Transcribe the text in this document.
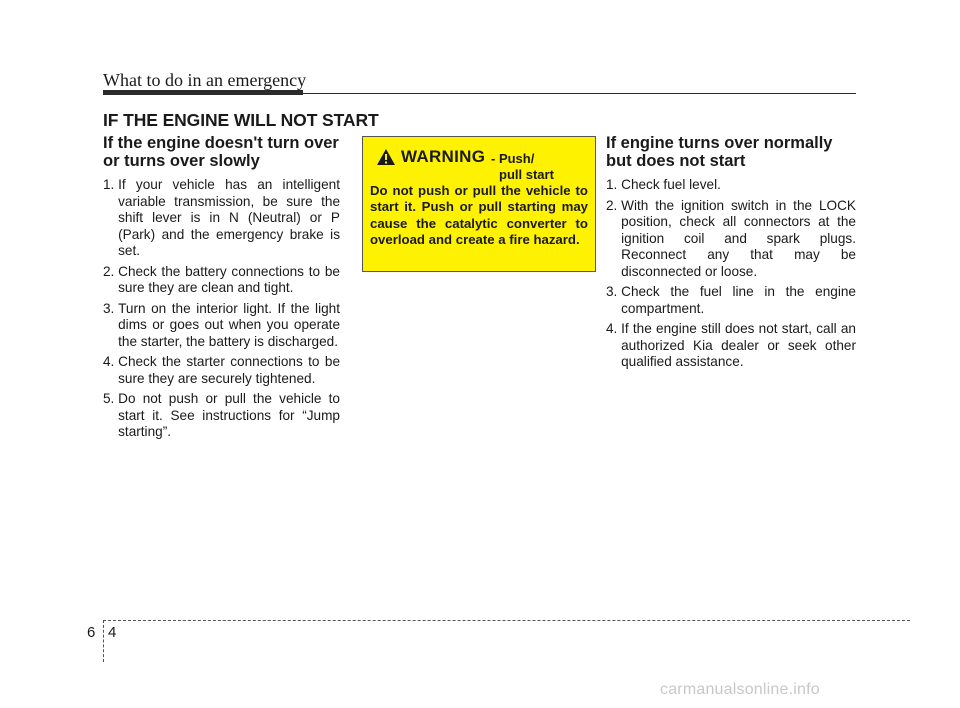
What to do in an emergency
IF THE ENGINE WILL NOT START
If the engine doesn't turn over or turns over slowly
1. If your vehicle has an intelligent variable transmission, be sure the shift lever is in N (Neutral) or P (Park) and the emergency brake is set.
2. Check the battery connections to be sure they are clean and tight.
3. Turn on the interior light. If the light dims or goes out when you operate the starter, the battery is discharged.
4. Check the starter connections to be sure they are securely tightened.
5. Do not push or pull the vehicle to start it. See instructions for “Jump starting”.
WARNING - Push/
pull start
Do not push or pull the vehicle to start it. Push or pull starting may cause the catalytic converter to overload and create a fire hazard.
If engine turns over normally but does not start
1. Check fuel level.
2. With the ignition switch in the LOCK position, check all connectors at the ignition coil and spark plugs. Reconnect any that may be disconnected or loose.
3. Check the fuel line in the engine compartment.
4. If the engine still does not start, call an authorized Kia dealer or seek other qualified assistance.
6 4
carmanualsonline.info
